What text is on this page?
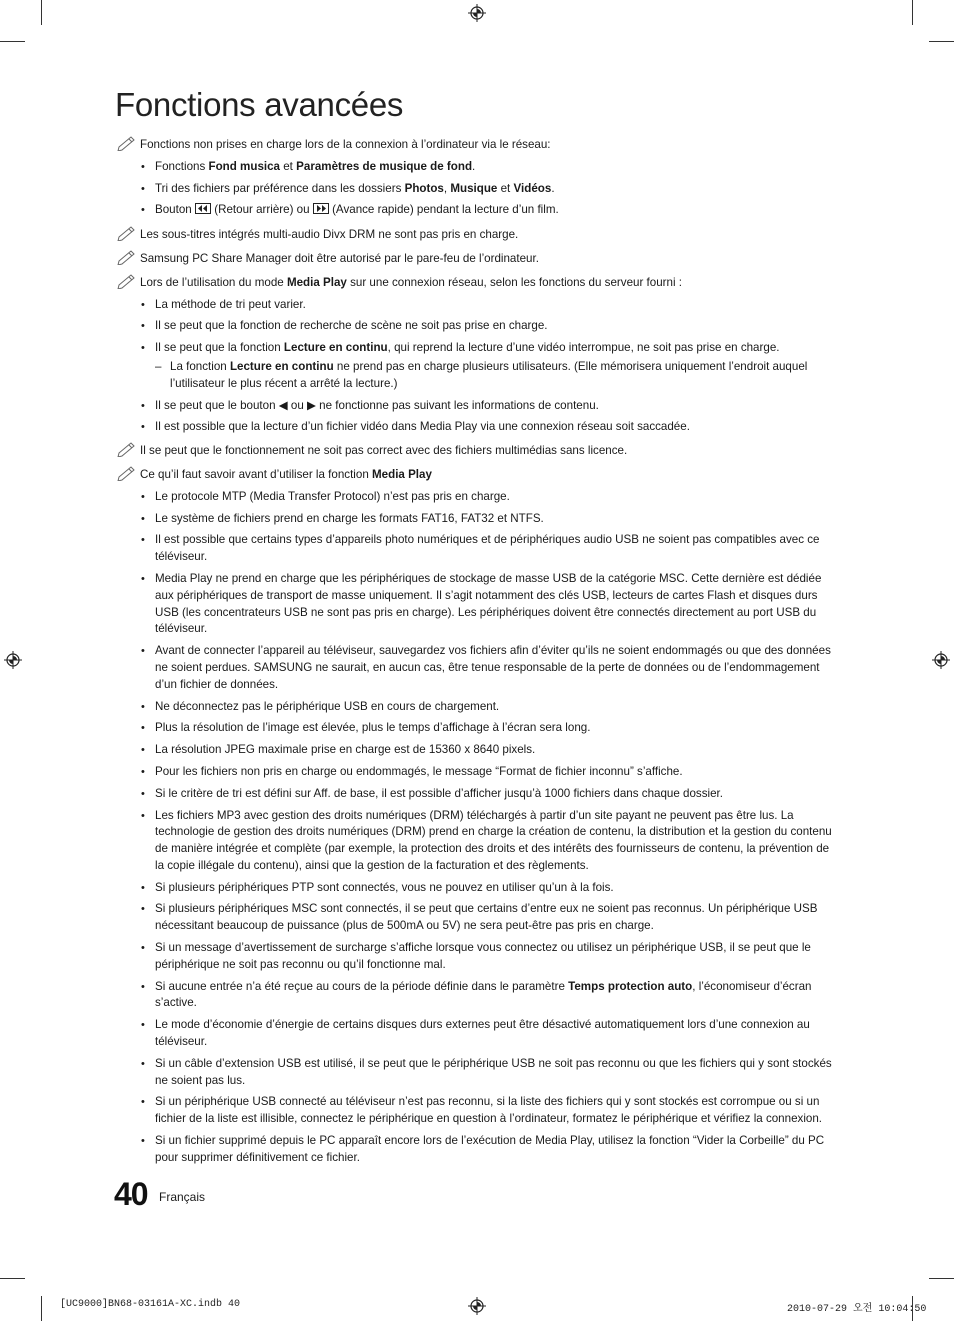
Fonctions avancées
Fonctions non prises en charge lors de la connexion à l’ordinateur via le réseau:
• Fonctions Fond musica et Paramètres de musique de fond.
• Tri des fichiers par préférence dans les dossiers Photos, Musique et Vidéos.
• Bouton (Retour arrière) ou (Avance rapide) pendant la lecture d’un film.
Les sous-titres intégrés multi-audio Divx DRM ne sont pas pris en charge.
Samsung PC Share Manager doit être autorisé par le pare-feu de l’ordinateur.
Lors de l’utilisation du mode Media Play sur une connexion réseau, selon les fonctions du serveur fourni :
• La méthode de tri peut varier.
• Il se peut que la fonction de recherche de scène ne soit pas prise en charge.
• Il se peut que la fonction Lecture en continu, qui reprend la lecture d’une vidéo interrompue, ne soit pas prise en charge.
– La fonction Lecture en continu ne prend pas en charge plusieurs utilisateurs. (Elle mémorisera uniquement l’endroit auquel l’utilisateur le plus récent a arrêté la lecture.)
• Il se peut que le bouton ◀ ou ▶ ne fonctionne pas suivant les informations de contenu.
• Il est possible que la lecture d’un fichier vidéo dans Media Play via une connexion réseau soit saccadée.
Il se peut que le fonctionnement ne soit pas correct avec des fichiers multimédias sans licence.
Ce qu’il faut savoir avant d’utiliser la fonction Media Play
• Le protocole MTP (Media Transfer Protocol) n’est pas pris en charge.
• Le système de fichiers prend en charge les formats FAT16, FAT32 et NTFS.
• Il est possible que certains types d’appareils photo numériques et de périphériques audio USB ne soient pas compatibles avec ce téléviseur.
• Media Play ne prend en charge que les périphériques de stockage de masse USB de la catégorie MSC. Cette dernière est dédiée aux périphériques de transport de masse uniquement. Il s’agit notamment des clés USB, lecteurs de cartes Flash et disques durs USB (les concentrateurs USB ne sont pas pris en charge). Les périphériques doivent être connectés directement au port USB du téléviseur.
• Avant de connecter l’appareil au téléviseur, sauvegardez vos fichiers afin d’éviter qu’ils ne soient endommagés ou que des données ne soient perdues. SAMSUNG ne saurait, en aucun cas, être tenue responsable de la perte de données ou de l’endommagement d’un fichier de données.
• Ne déconnectez pas le périphérique USB en cours de chargement.
• Plus la résolution de l’image est élevée, plus le temps d’affichage à l’écran sera long.
• La résolution JPEG maximale prise en charge est de 15360 x 8640 pixels.
• Pour les fichiers non pris en charge ou endommagés, le message “Format de fichier inconnu” s’affiche.
• Si le critère de tri est défini sur Aff. de base, il est possible d’afficher jusqu’à 1000 fichiers dans chaque dossier.
• Les fichiers MP3 avec gestion des droits numériques (DRM) téléchargés à partir d’un site payant ne peuvent pas être lus. La technologie de gestion des droits numériques (DRM) prend en charge la création de contenu, la distribution et la gestion du contenu de manière intégrée et complète (par exemple, la protection des droits et des intérêts des fournisseurs de contenu, la prévention de la copie illégale du contenu), ainsi que la gestion de la facturation et des règlements.
• Si plusieurs périphériques PTP sont connectés, vous ne pouvez en utiliser qu’un à la fois.
• Si plusieurs périphériques MSC sont connectés, il se peut que certains d’entre eux ne soient pas reconnus. Un périphérique USB nécessitant beaucoup de puissance (plus de 500mA ou 5V) ne sera peut-être pas pris en charge.
• Si un message d’avertissement de surcharge s’affiche lorsque vous connectez ou utilisez un périphérique USB, il se peut que le périphérique ne soit pas reconnu ou qu’il fonctionne mal.
• Si aucune entrée n’a été reçue au cours de la période définie dans le paramètre Temps protection auto, l’économiseur d’écran s’active.
• Le mode d’économie d’énergie de certains disques durs externes peut être désactivé automatiquement lors d’une connexion au téléviseur.
• Si un câble d’extension USB est utilisé, il se peut que le périphérique USB ne soit pas reconnu ou que les fichiers qui y sont stockés ne soient pas lus.
• Si un périphérique USB connecté au téléviseur n’est pas reconnu, si la liste des fichiers qui y sont stockés est corrompue ou si un fichier de la liste est illisible, connectez le périphérique en question à l’ordinateur, formatez le périphérique et vérifiez la connexion.
• Si un fichier supprimé depuis le PC apparaît encore lors de l’exécution de Media Play, utilisez la fonction “Vider la Corbeille” du PC pour supprimer définitivement ce fichier.
40 Français
[UC9000]BN68-03161A-XC.indb 40	2010-07-29 오전 10:04:50
